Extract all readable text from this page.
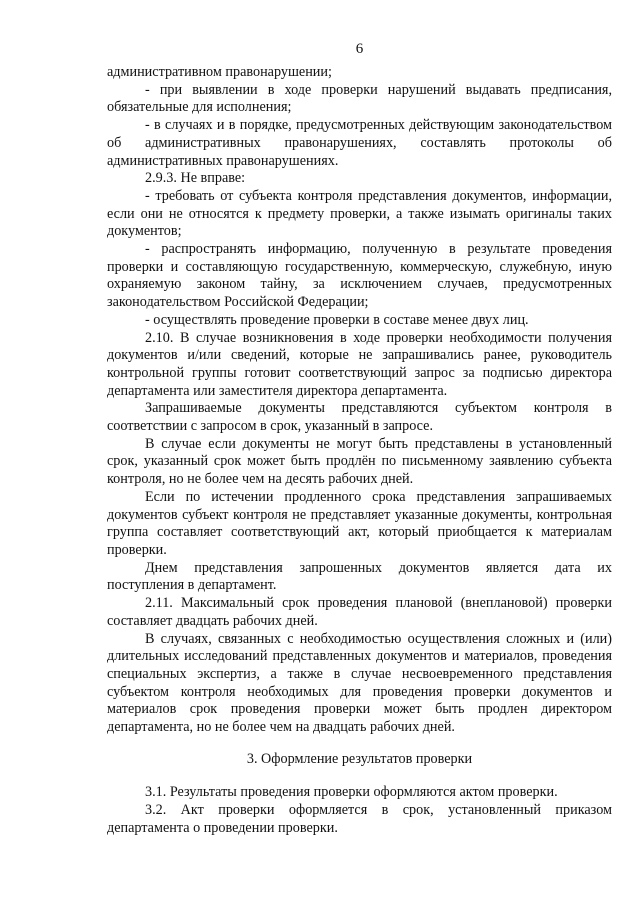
6

административном правонарушении;

- при выявлении в ходе проверки нарушений выдавать предписания, обязательные для исполнения;

- в случаях и в порядке, предусмотренных действующим законодательством об административных правонарушениях, составлять протоколы об административных правонарушениях.

2.9.3. Не вправе:

- требовать от субъекта контроля представления документов, информации, если они не относятся к предмету проверки, а также изымать оригиналы таких документов;

- распространять информацию, полученную в результате проведения проверки и составляющую государственную, коммерческую, служебную, иную охраняемую законом тайну, за исключением случаев, предусмотренных законодательством Российской Федерации;

- осуществлять проведение проверки в составе менее двух лиц.

2.10. В случае возникновения в ходе проверки необходимости получения документов и/или сведений, которые не запрашивались ранее, руководитель контрольной группы готовит соответствующий запрос за подписью директора департамента или заместителя директора департамента.

Запрашиваемые документы представляются субъектом контроля в соответствии с запросом в срок, указанный в запросе.

В случае если документы не могут быть представлены в установленный срок, указанный срок может быть продлён по письменному заявлению субъекта контроля, но не более чем на десять рабочих дней.

Если по истечении продленного срока представления запрашиваемых документов субъект контроля не представляет указанные документы, контрольная группа составляет соответствующий акт, который приобщается к материалам проверки.

Днем представления запрошенных документов является дата их поступления в департамент.

2.11. Максимальный срок проведения плановой (внеплановой) проверки составляет двадцать рабочих дней.

В случаях, связанных с необходимостью осуществления сложных и (или) длительных исследований представленных документов и материалов, проведения специальных экспертиз, а также в случае несвоевременного представления субъектом контроля необходимых для проведения проверки документов и материалов срок проведения проверки может быть продлен директором департамента, но не более чем на двадцать рабочих дней.

3. Оформление результатов проверки

3.1. Результаты проведения проверки оформляются актом проверки.

3.2. Акт проверки оформляется в срок, установленный приказом департамента о проведении проверки.
